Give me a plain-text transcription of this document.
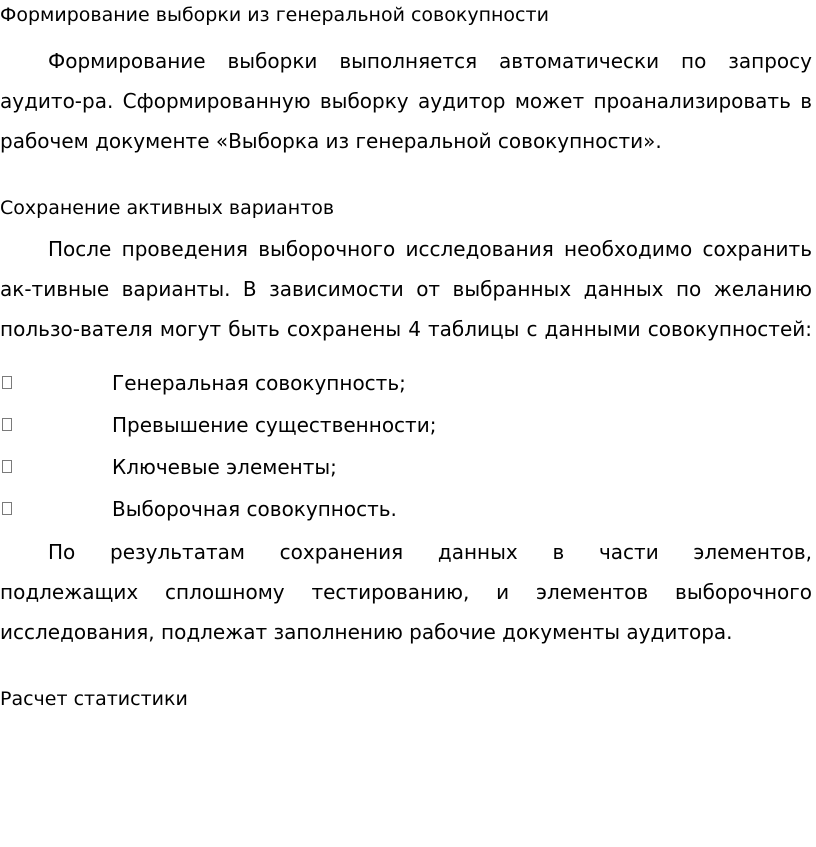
Формирование выборки из генеральной совокупности
Формирование выборки выполняется автоматически по запросу
аудито-ра. Сформированную выборку аудитор может проанализировать в
рабочем документе «Выборка из генеральной совокупности».
Сохранение активных вариантов
После проведения выборочного исследования необходимо сохранить
ак-тивные варианты. В зависимости от выбранных данных по желанию
пользо-вателя могут быть сохранены 4 таблицы с данными совокупностей:
Генеральная совокупность;
Превышение существенности;
Ключевые элементы;
Выборочная совокупность.
По результатам сохранения данных в части элементов,
подлежащих сплошному тестированию, и элементов выборочного
исследования, подлежат заполнению рабочие документы аудитора.
Расчет статистики
